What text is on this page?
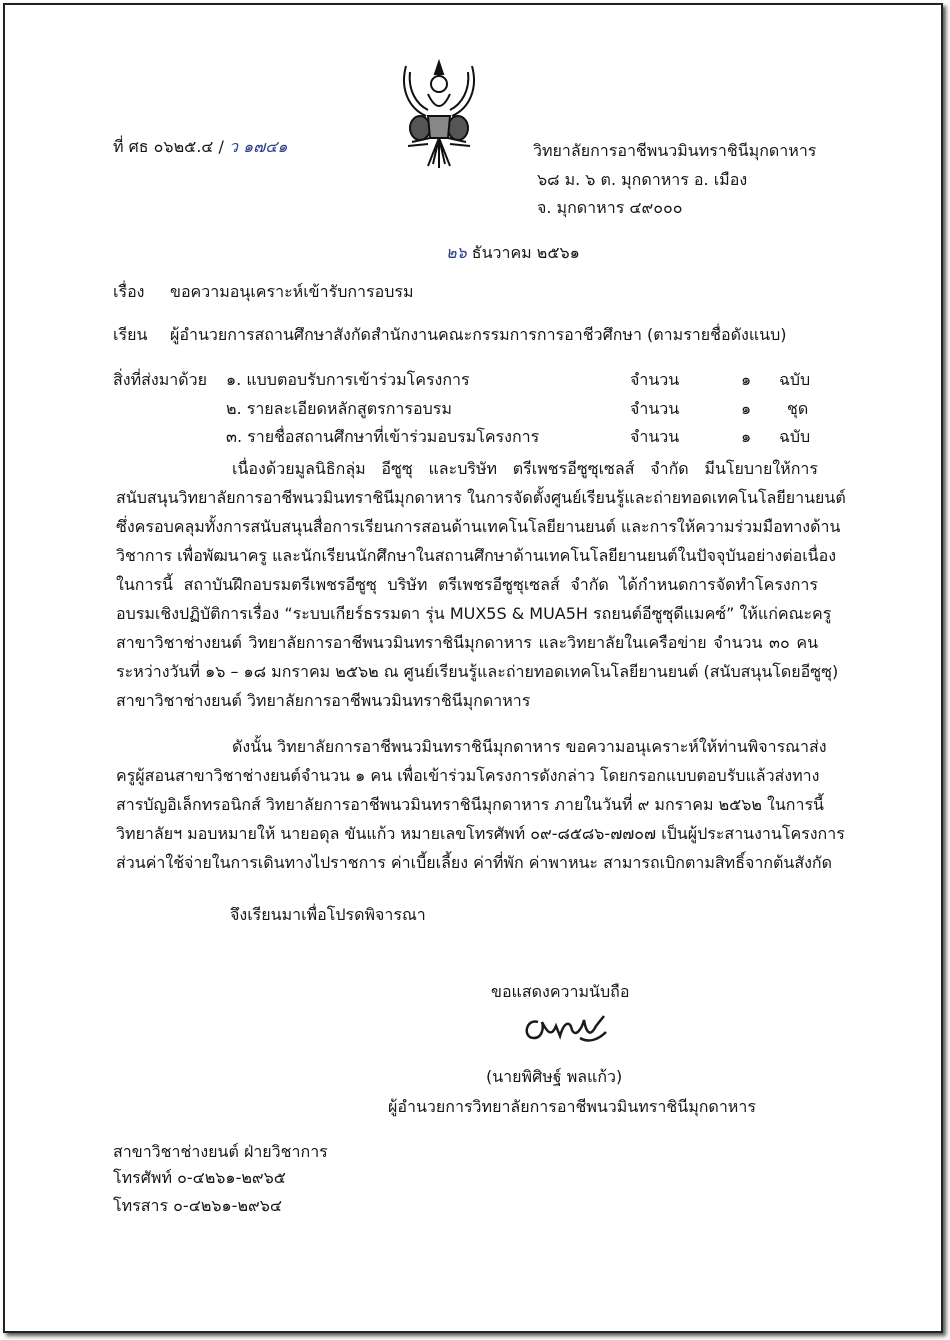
ที่ ศธ ๐๖๒๕.๔ / ว ๑๗๔๑	วิทยาลัยการอาชีพนวมินทราชินีมุกดาหาร
๖๘ ม. ๖ ต. มุกดาหาร อ. เมือง
จ. มุกดาหาร ๔๙๐๐๐
๒๖ ธันวาคม ๒๕๖๑
เรื่อง ขอความอนุเคราะห์เข้ารับการอบรม
เรียน ผู้อำนวยการสถานศึกษาสังกัดสำนักงานคณะกรรมการการอาชีวศึกษา (ตามรายชื่อดังแนบ)
สิ่งที่ส่งมาด้วย ๑. แบบตอบรับการเข้าร่วมโครงการ	จำนวน	๑ ฉบับ
๒. รายละเอียดหลักสูตรการอบรม	จำนวน	๑ ชุด
๓. รายชื่อสถานศึกษาที่เข้าร่วมอบรมโครงการ	จำนวน	๑ ฉบับ
เนื่องด้วยมูลนิธิกลุ่ม อีซูซุ และบริษัท ตรีเพชรอีซูซุเซลส์ จำกัด มีนโยบายให้การ
สนับสนุนวิทยาลัยการอาชีพนวมินทราชินีมุกดาหาร ในการจัดตั้งศูนย์เรียนรู้และถ่ายทอดเทคโนโลยียานยนต์
ซึ่งครอบคลุมทั้งการสนับสนุนสื่อการเรียนการสอนด้านเทคโนโลยียานยนต์ และการให้ความร่วมมือทางด้าน
วิชาการ เพื่อพัฒนาครู และนักเรียนนักศึกษาในสถานศึกษาด้านเทคโนโลยียานยนต์ในปัจจุบันอย่างต่อเนื่อง
ในการนี้ สถาบันฝึกอบรมตรีเพชรอีซูซุ บริษัท ตรีเพชรอีซูซุเซลส์ จำกัด ได้กำหนดการจัดทำโครงการ
อบรมเชิงปฏิบัติการเรื่อง “ระบบเกียร์ธรรมดา รุ่น MUX5S & MUA5H รถยนต์อีซูซุดีแมคซ์” ให้แก่คณะครู
สาขาวิชาช่างยนต์ วิทยาลัยการอาชีพนวมินทราชินีมุกดาหาร และวิทยาลัยในเครือข่าย จำนวน ๓๐ คน
ระหว่างวันที่ ๑๖ – ๑๘ มกราคม ๒๕๖๒ ณ ศูนย์เรียนรู้และถ่ายทอดเทคโนโลยียานยนต์ (สนับสนุนโดยอีซูซุ)
สาขาวิชาช่างยนต์ วิทยาลัยการอาชีพนวมินทราชินีมุกดาหาร
ดังนั้น วิทยาลัยการอาชีพนวมินทราชินีมุกดาหาร ขอความอนุเคราะห์ให้ท่านพิจารณาส่ง
ครูผู้สอนสาขาวิชาช่างยนต์จำนวน ๑ คน เพื่อเข้าร่วมโครงการดังกล่าว โดยกรอกแบบตอบรับแล้วส่งทาง
สารบัญอิเล็กทรอนิกส์ วิทยาลัยการอาชีพนวมินทราชินีมุกดาหาร ภายในวันที่ ๙ มกราคม ๒๕๖๒ ในการนี้
วิทยาลัยฯ มอบหมายให้ นายอดุล ขันแก้ว หมายเลขโทรศัพท์ ๐๙-๘๕๘๖-๗๗๐๗ เป็นผู้ประสานงานโครงการ
ส่วนค่าใช้จ่ายในการเดินทางไปราชการ ค่าเบี้ยเลี้ยง ค่าที่พัก ค่าพาหนะ สามารถเบิกตามสิทธิ์จากต้นสังกัด
จึงเรียนมาเพื่อโปรดพิจารณา
ขอแสดงความนับถือ
(นายพิศิษฐ์ พลแก้ว)
ผู้อำนวยการวิทยาลัยการอาชีพนวมินทราชินีมุกดาหาร
สาขาวิชาช่างยนต์ ฝ่ายวิชาการ
โทรศัพท์ ๐-๔๒๖๑-๒๙๖๕
โทรสาร ๐-๔๒๖๑-๒๙๖๔
